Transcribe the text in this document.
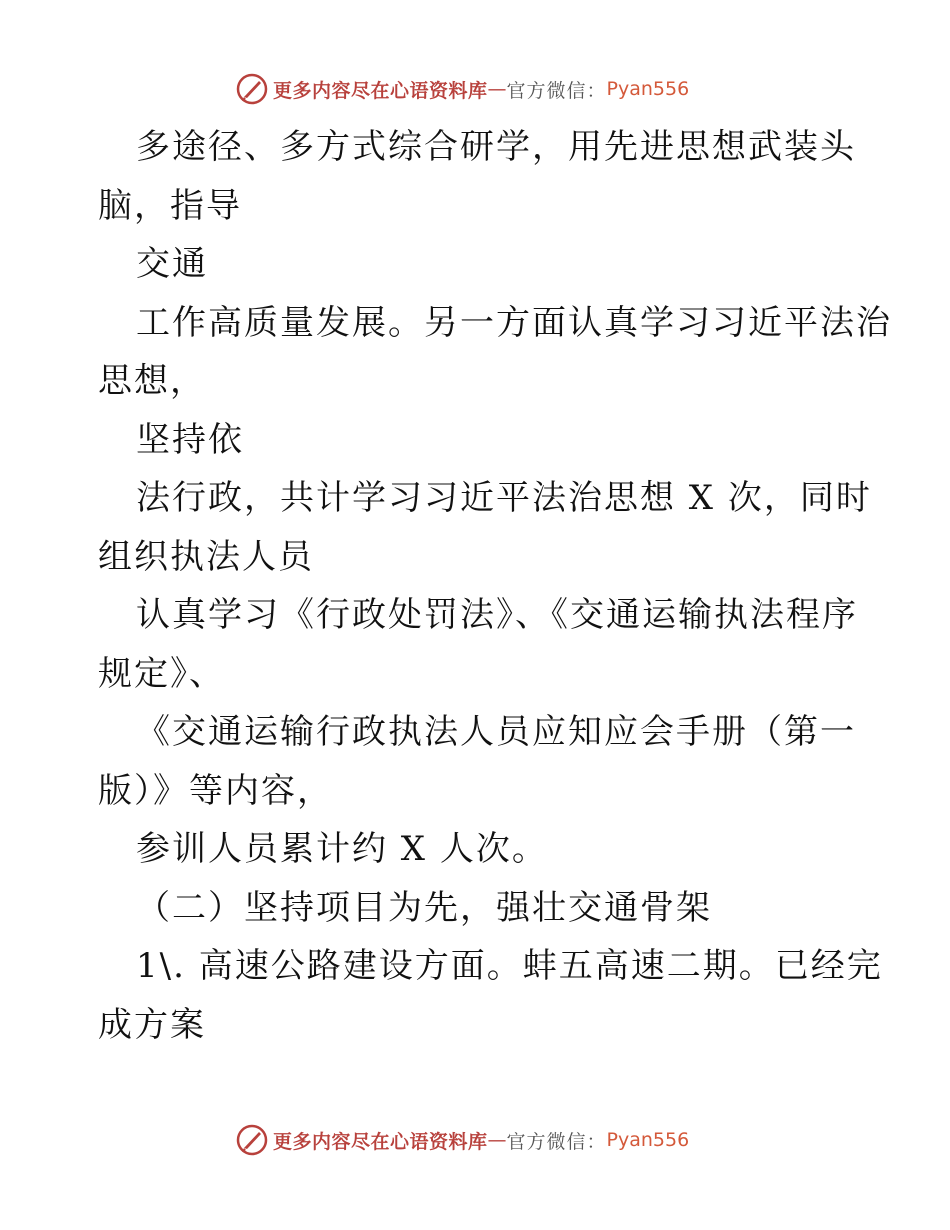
更多内容尽在心语资料库 — 官方微信： Pyan556
多途径、多方式综合研学，用先进思想武装头
脑，指导
交通
工作高质量发展。另一方面认真学习习近平法治
思想，
坚持依
法行政，共计学习习近平法治思想 X 次，同时
组织执法人员
认真学习《行政处罚法》、《交通运输执法程序
规定》、
《交通运输行政执法人员应知应会手册（第一
版）》等内容，
参训人员累计约 X 人次。
（二）坚持项目为先，强壮交通骨架
1\. 高速公路建设方面。蚌五高速二期。已经完
成方案
更多内容尽在心语资料库 — 官方微信： Pyan556
